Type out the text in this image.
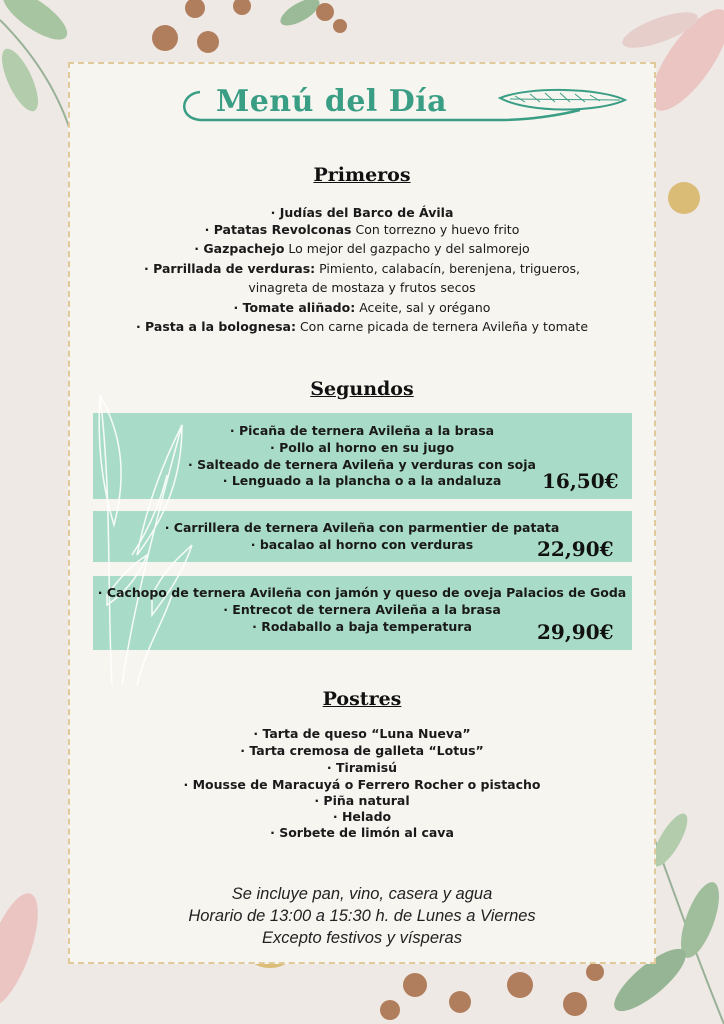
Menú del Día
Primeros
· Judías del Barco de Ávila
· Patatas Revolconas Con torrezno y huevo frito
· Gazpachejo Lo mejor del gazpacho y del salmorejo
· Parrillada de verduras: Pimiento, calabacín, berenjena, trigueros,
vinagreta de mostaza y frutos secos
· Tomate aliñado: Aceite, sal y orégano
· Pasta a la bolognesa: Con carne picada de ternera Avileña y tomate
Segundos
· Picaña de ternera Avileña a la brasa
· Pollo al horno en su jugo
· Salteado de ternera Avileña y verduras con soja
· Lenguado a la plancha o a la andaluza	16,50€
· Carrillera de ternera Avileña con parmentier de patata
· bacalao al horno con verduras	22,90€
· Cachopo de ternera Avileña con jamón y queso de oveja Palacios de Goda
· Entrecot de ternera Avileña a la brasa
· Rodaballo a baja temperatura	29,90€
Postres
· Tarta de queso “Luna Nueva”
· Tarta cremosa de galleta “Lotus”
· Tiramisú
· Mousse de Maracuyá o Ferrero Rocher o pistacho
· Piña natural
· Helado
· Sorbete de limón al cava
Se incluye pan, vino, casera y agua
Horario de 13:00 a 15:30 h. de Lunes a Viernes
Excepto festivos y vísperas
